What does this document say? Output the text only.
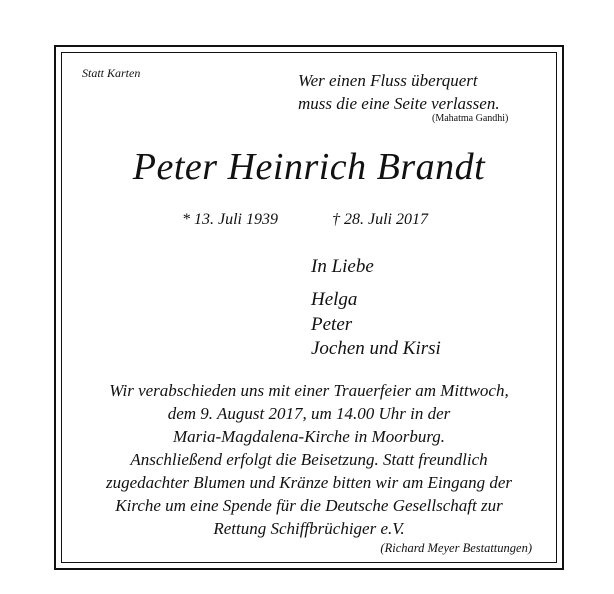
Statt Karten	Wer einen Fluss überquert
muss die eine Seite verlassen.
(Mahatma Gandhi)
Peter Heinrich Brandt
* 13. Juli 1939	† 28. Juli 2017
In Liebe
Helga
Peter
Jochen und Kirsi
Wir verabschieden uns mit einer Trauerfeier am Mittwoch,
dem 9. August 2017, um 14.00 Uhr in der
Maria-Magdalena-Kirche in Moorburg.
Anschließend erfolgt die Beisetzung. Statt freundlich
zugedachter Blumen und Kränze bitten wir am Eingang der
Kirche um eine Spende für die Deutsche Gesellschaft zur
Rettung Schiffbrüchiger e.V.
(Richard Meyer Bestattungen)
